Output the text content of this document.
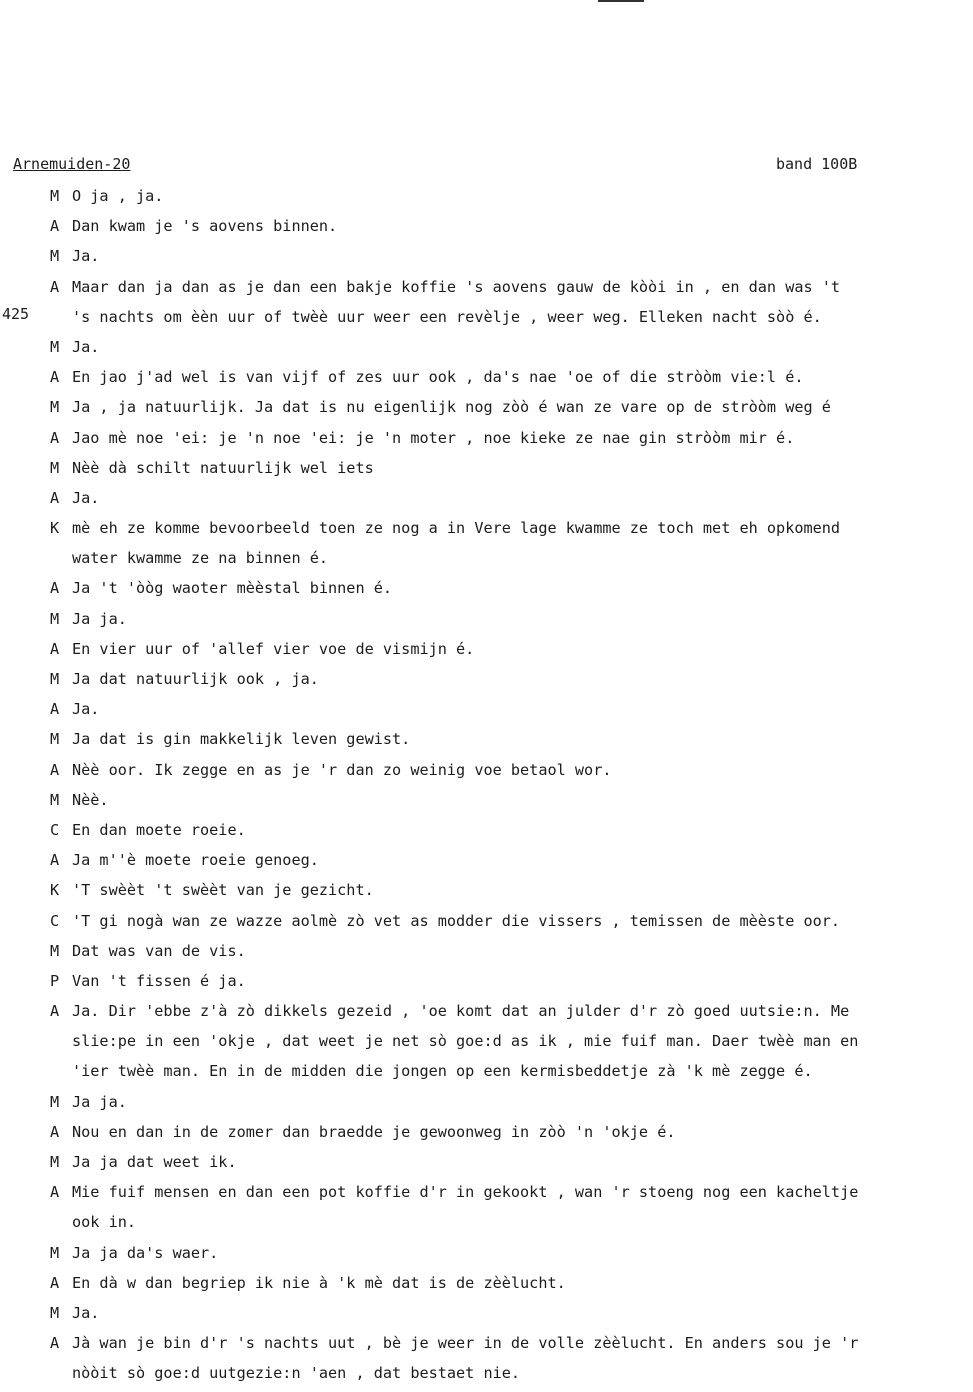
Arnemuiden-20	band 100B
425
M O ja , ja.
A Dan kwam je 's aovens binnen.
M Ja.
A Maar dan ja dan as je dan een bakje koffie 's aovens gauw de kòòi in , en dan was 't
's nachts om èèn uur of twèè uur weer een revèlje , weer weg. Elleken nacht sòò é.
M Ja.
A En jao j'ad wel is van vijf of zes uur ook , da's nae 'oe of die stròòm vie:l é.
M Ja , ja natuurlijk. Ja dat is nu eigenlijk nog zòò é wan ze vare op de stròòm weg é
A Jao mè noe 'ei: je 'n noe 'ei: je 'n moter , noe kieke ze nae gin stròòm mir é.
M Nèè dà schilt natuurlijk wel iets
A Ja.
K mè eh ze komme bevoorbeeld toen ze nog a in Vere lage kwamme ze toch met eh opkomend
water kwamme ze na binnen é.
A Ja 't 'òòg waoter mèèstal binnen é.
M Ja ja.
A En vier uur of 'allef vier voe de vismijn é.
M Ja dat natuurlijk ook , ja.
A Ja.
M Ja dat is gin makkelijk leven gewist.
A Nèè oor. Ik zegge en as je 'r dan zo weinig voe betaol wor.
M Nèè.
C En dan moete roeie.
A Ja m''è moete roeie genoeg.
K 'T swèèt 't swèèt van je gezicht.
C 'T gi nogà wan ze wazze aolmè zò vet as modder die vissers , temissen de mèèste oor.
M Dat was van de vis.
P Van 't fissen é ja.
A Ja. Dir 'ebbe z'à zò dikkels gezeid , 'oe komt dat an julder d'r zò goed uutsie:n. Me
slie:pe in een 'okje , dat weet je net sò goe:d as ik , mie fuif man. Daer twèè man en
'ier twèè man. En in de midden die jongen op een kermisbeddetje zà 'k mè zegge é.
M Ja ja.
A Nou en dan in de zomer dan braedde je gewoonweg in zòò 'n 'okje é.
M Ja ja dat weet ik.
A Mie fuif mensen en dan een pot koffie d'r in gekookt , wan 'r stoeng nog een kacheltje
ook in.
M Ja ja da's waer.
A En dà w dan begriep ik nie à 'k mè dat is de zèèlucht.
M Ja.
A Jà wan je bin d'r 's nachts uut , bè je weer in de volle zèèlucht. En anders sou je 'r
nòòit sò goe:d uutgezie:n 'aen , dat bestaet nie.
